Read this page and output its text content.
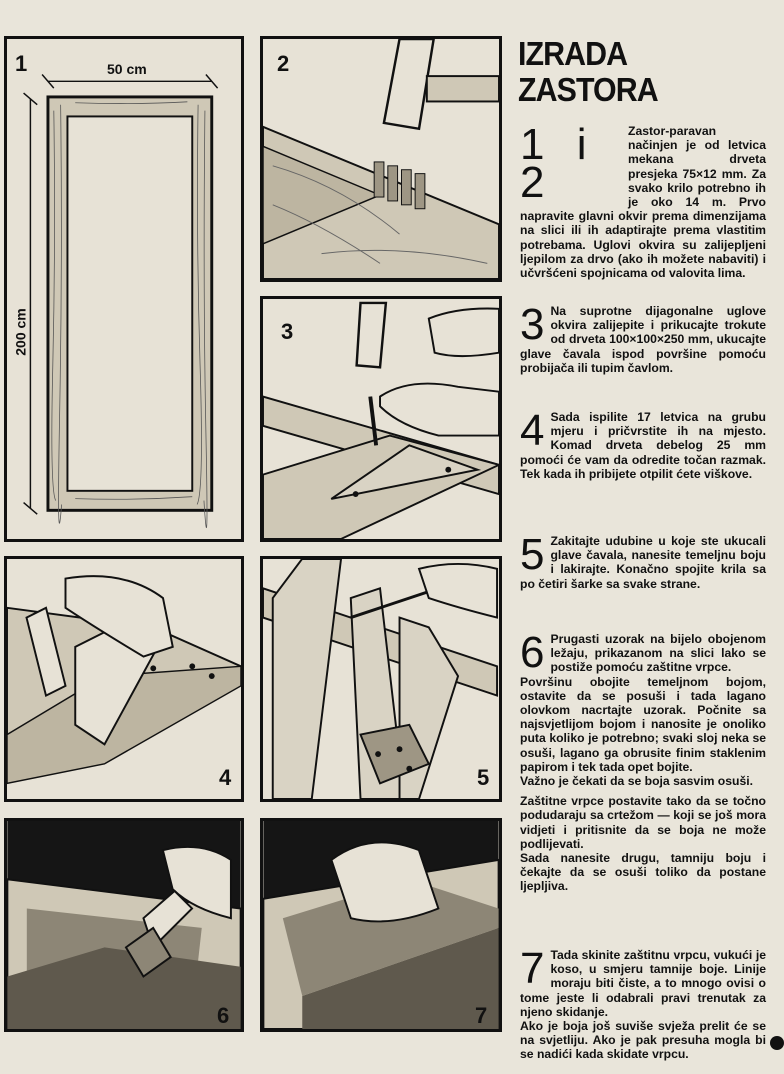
IZRADA
ZASTORA
1	50 cm
200 cm
2
3
4	5
6	7
1 i 2

Zastor-paravan načinjen je od letvica mekana drveta presjeka 75×12 mm. Za svako krilo potrebno ih je oko 14 m. Prvo napravite glavni okvir prema dimenzijama na slici ili ih adaptirajte prema vlastitim potrebama. Uglovi okvira su zalijepljeni ljepilom za drvo (ako ih možete nabaviti) i učvršćeni spojnicama od valovita lima.

3 Na suprotne dijagonalne uglove okvira zalijepite i prikucajte trokute od drveta 100×100×250 mm, ukucajte glave čavala ispod površine pomoću probijača ili tupim čavlom.

4 Sada ispilite 17 letvica na grubu mjeru i pričvrstite ih na mjesto. Komad drveta debelog 25 mm pomoći će vam da odredite točan razmak. Tek kada ih pribijete otpilit ćete viškove.

5 Zakitajte udubine u koje ste ukucali glave čavala, nanesite temeljnu boju i lakirajte. Konačno spojite krila sa po četiri šarke sa svake strane.

6 Prugasti uzorak na bijelo obojenom ležaju, prikazanom na slici lako se postiže pomoću zaštitne vrpce.

Površinu obojite temeljnom bojom, ostavite da se posuši i tada lagano olovkom nacrtajte uzorak. Počnite sa najsvjetlijom bojom i nanosite je onoliko puta koliko je potrebno; svaki sloj neka se osuši, lagano ga obrusite finim staklenim papirom i tek tada opet bojite.

Važno je čekati da se boja sasvim osuši.

Zaštitne vrpce postavite tako da se točno podudaraju sa crtežom — koji se još mora vidjeti i pritisnite da se boja ne može podlijevati.

Sada nanesite drugu, tamniju boju i čekajte da se osuši toliko da postane ljepljiva.

7 Tada skinite zaštitnu vrpcu, vukući je koso, u smjeru tamnije boje. Linije moraju biti čiste, a to mnogo ovisi o tome jeste li odabrali pravi trenutak za njeno skidanje.

Ako je boja još suviše svježa prelit će se na svjetliju. Ako je pak presuha mogla bi se nadići kada skidate vrpcu.
